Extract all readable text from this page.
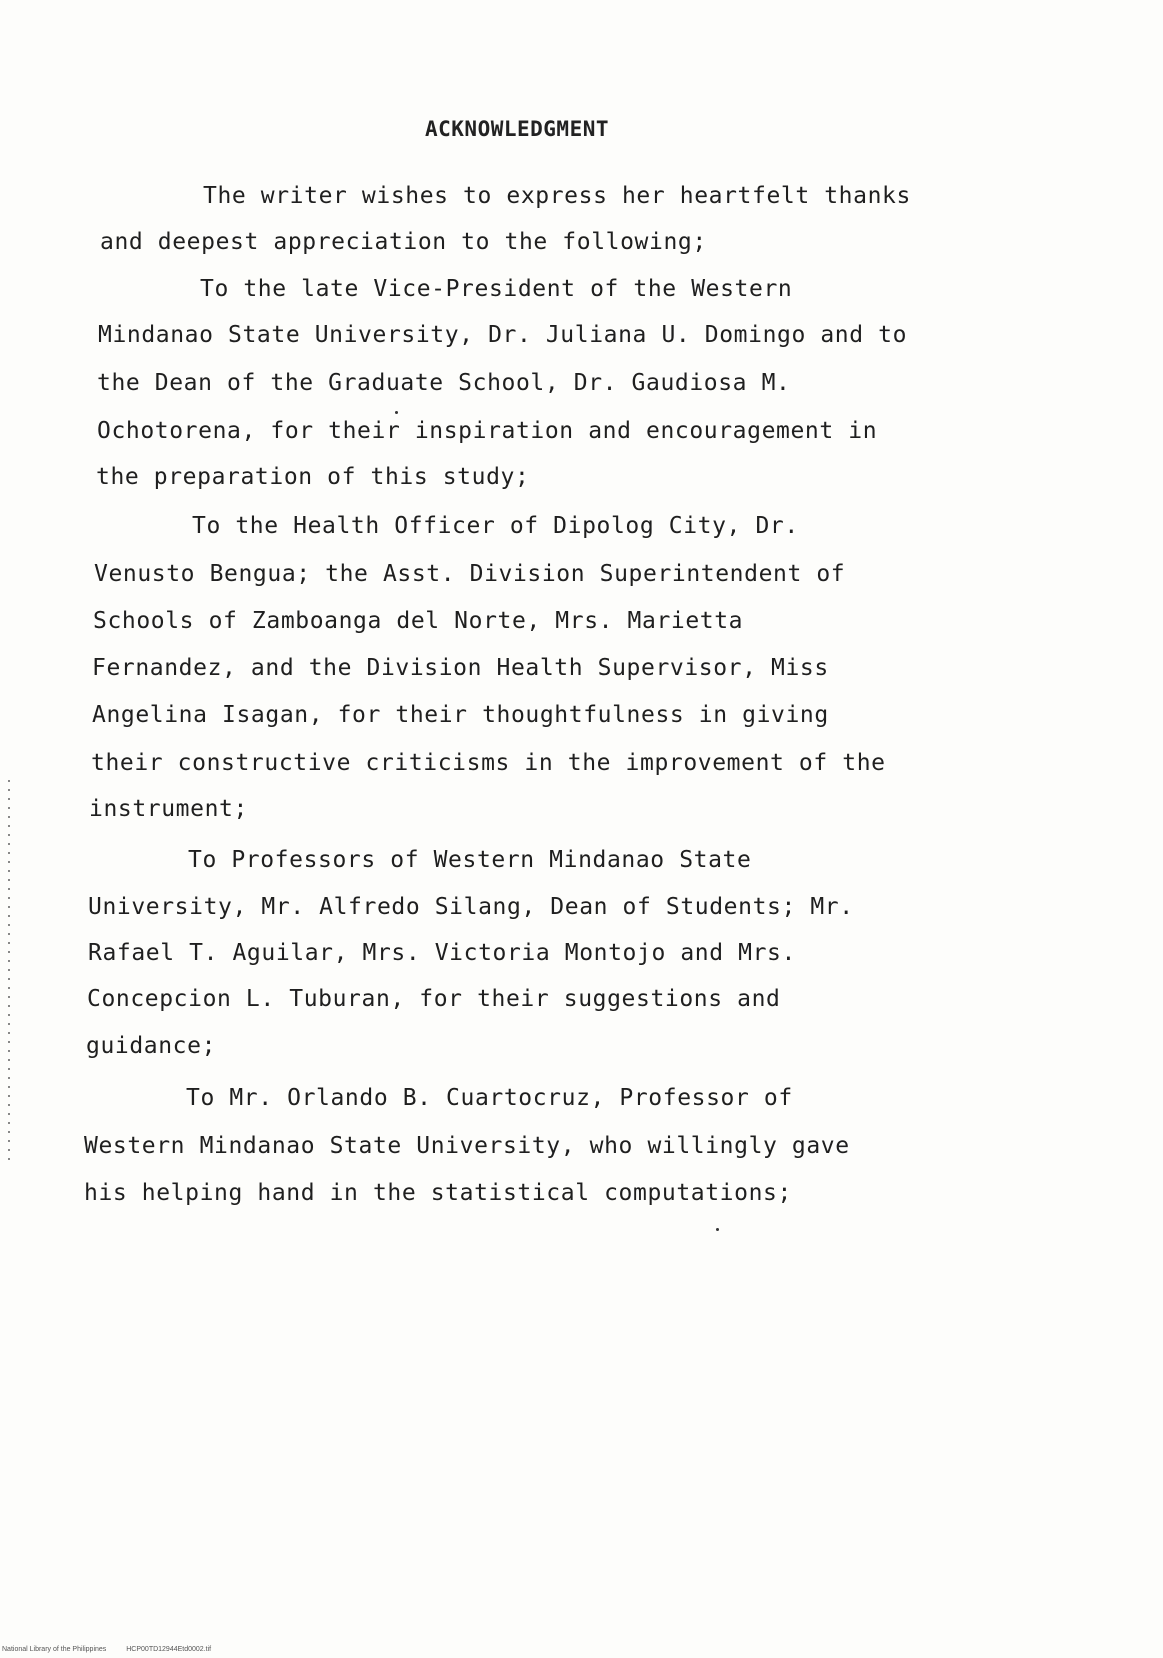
ACKNOWLEDGMENT
The writer wishes to express her heartfelt thanks
and deepest appreciation to the following;
To the late Vice-President of the Western
Mindanao State University, Dr. Juliana U. Domingo and to
the Dean of the Graduate School, Dr. Gaudiosa M.
Ochotorena, for their inspiration and encouragement in
the preparation of this study;
To the Health Officer of Dipolog City, Dr.
Venusto Bengua; the Asst. Division Superintendent of
Schools of Zamboanga del Norte, Mrs. Marietta
Fernandez, and the Division Health Supervisor, Miss
Angelina Isagan, for their thoughtfulness in giving
their constructive criticisms in the improvement of the
instrument;
To Professors of Western Mindanao State
University, Mr. Alfredo Silang, Dean of Students; Mr.
Rafael T. Aguilar, Mrs. Victoria Montojo and Mrs.
Concepcion L. Tuburan, for their suggestions and
guidance;
To Mr. Orlando B. Cuartocruz, Professor of
Western Mindanao State University, who willingly gave
his helping hand in the statistical computations;
National Library of the Philippines	HCP00TD12944Etd0002.tif
